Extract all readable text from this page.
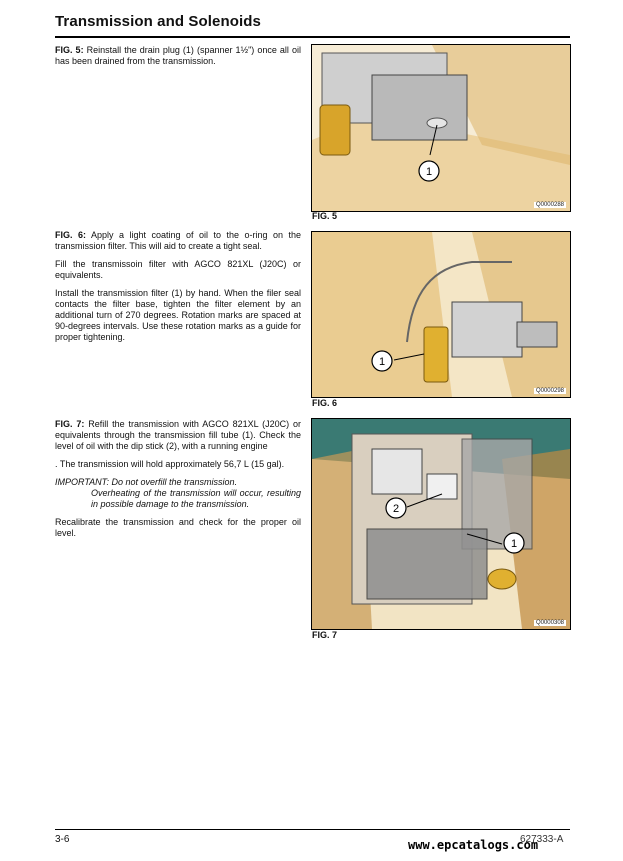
Transmission and Solenoids

FIG. 5: Reinstall the drain plug (1) (spanner 1½") once all oil has been drained from the transmission.

1
Q0000288
FIG. 5

FIG. 6: Apply a light coating of oil to the o-ring on the transmission filter. This will aid to create a tight seal.

Fill the transmissoin filter with AGCO 821XL (J20C) or equivalents.

Install the transmission filter (1) by hand. When the filer seal contacts the filter base, tighten the filter element by an additional turn of 270 degrees. Rotation marks are spaced at 90-degrees intervals. Use these rotation marks as a guide for proper tightening.

1
Q0000298
FIG. 6

FIG. 7: Refill the transmission with AGCO 821XL (J20C) or equivalents through the transmission fill tube (1). Check the level of oil with the dip stick (2), with a running engine

. The transmission will hold approximately 56,7 L (15 gal).

IMPORTANT: Do not overfill the transmission.
Overheating of the transmission will occur, resulting in possible damage to the transmission.

Recalibrate the transmission and check for the proper oil level.

2
1
Q0000308
FIG. 7
3-6	627333-A
www.epcatalogs.com
